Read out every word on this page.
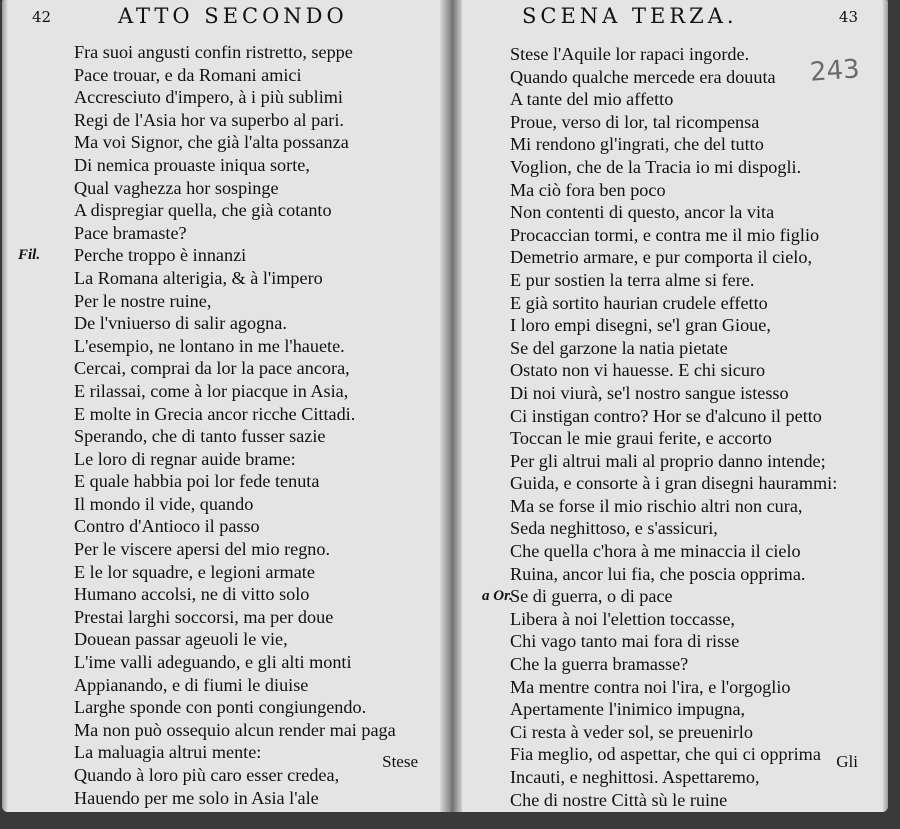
42	ATTO SECONDO
Fra suoi angusti confin ristretto, seppe
Pace trouar, e da Romani amici
Accresciuto d'impero, à i più sublimi
Regi de l'Asia hor va superbo al pari.
Ma voi Signor, che già l'alta possanza
Di nemica prouaste iniqua sorte,
Qual vaghezza hor sospinge
A dispregiar quella, che già cotanto
Pace bramaste?
Fil. Perche troppo è innanzi
La Romana alterigia, & à l'impero
Per le nostre ruine,
De l'vniuerso di salir agogna.
L'esempio, ne lontano in me l'hauete.
Cercai, comprai da lor la pace ancora,
E rilassai, come à lor piacque in Asia,
E molte in Grecia ancor ricche Cittadi.
Sperando, che di tanto fusser sazie
Le loro di regnar auide brame:
E quale habbia poi lor fede tenuta
Il mondo il vide, quando
Contro d'Antioco il passo
Per le viscere apersi del mio regno.
E le lor squadre, e legioni armate
Humano accolsi, ne di vitto solo
Prestai larghi soccorsi, ma per doue
Douean passar ageuoli le vie,
L'ime valli adeguando, e gli alti monti
Appianando, e di fiumi le diuise
Larghe sponde con ponti congiungendo.
Ma non può ossequio alcun render mai paga
La maluagia altrui mente:
Quando à loro più caro esser credea,
Hauendo per me solo in Asia l'ale
Stese
SCENA TERZA.	43
243
Stese l'Aquile lor rapaci ingorde.
Quando qualche mercede era douuta
A tante del mio affetto
Proue, verso di lor, tal ricompensa
Mi rendono gl'ingrati, che del tutto
Voglion, che de la Tracia io mi dispogli.
Ma ciò fora ben poco
Non contenti di questo, ancor la vita
Procaccian tormi, e contra me il mio figlio
Demetrio armare, e pur comporta il cielo,
E pur sostien la terra alme si fere.
E già sortito haurian crudele effetto
I loro empi disegni, se'l gran Gioue,
Se del garzone la natia pietate
Ostato non vi hauesse. E chi sicuro
Di noi viurà, se'l nostro sangue istesso
Ci instigan contro? Hor se d'alcuno il petto
Toccan le mie graui ferite, e accorto
Per gli altrui mali al proprio danno intende;
Guida, e consorte à i gran disegni haurammi:
Ma se forse il mio rischio altri non cura,
Seda neghittoso, e s'assicuri,
Che quella c'hora à me minaccia il cielo
Ruina, ancor lui fia, che poscia opprima.
a Or.
Se di guerra, o di pace
Libera à noi l'elettion toccasse,
Chi vago tanto mai fora di risse
Che la guerra bramasse?
Ma mentre contra noi l'ira, e l'orgoglio
Apertamente l'inimico impugna,
Ci resta à veder sol, se preuenirlo
Fia meglio, od aspettar, che qui ci opprima
Incauti, e neghittosi. Aspettaremo,
Che di nostre Città sù le ruine
Gli
